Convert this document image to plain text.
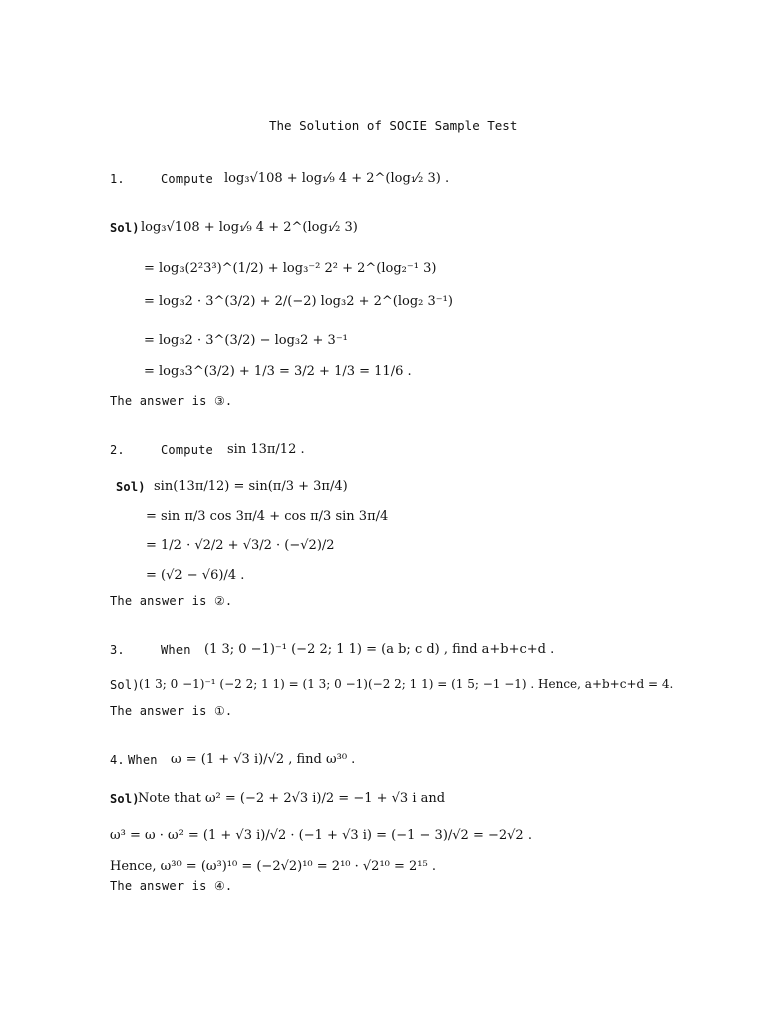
The Solution of SOCIE Sample Test
1.	Compute log₃√108 + log₁⁄₉ 4 + 2^(log₁⁄₂ 3) .
Sol) log₃√108 + log₁⁄₉ 4 + 2^(log₁⁄₂ 3)
= log₃(2²3³)^(1/2) + log₃⁻² 2² + 2^(log₂⁻¹ 3)
= log₃2 · 3^(3/2) + 2/(−2) log₃2 + 2^(log₂ 3⁻¹)
= log₃2 · 3^(3/2) − log₃2 + 3⁻¹
= log₃3^(3/2) + 1/3 = 3/2 + 1/3 = 11/6 .
The answer is ③.
2.	Compute sin 13π/12 .
Sol) sin(13π/12) = sin(π/3 + 3π/4)
= sin π/3 cos 3π/4 + cos π/3 sin 3π/4
= 1/2 · √2/2 + √3/2 · (−√2)/2
= (√2 − √6)/4 .
The answer is ②.
3.	When (1 3; 0 −1)⁻¹ (−2 2; 1 1) = (a b; c d) , find a+b+c+d .
Sol) (1 3; 0 −1)⁻¹ (−2 2; 1 1) = (1 3; 0 −1)(−2 2; 1 1) = (1 5; −1 −1) . Hence, a+b+c+d = 4.
The answer is ①.
4. When ω = (1 + √3 i)/√2 , find ω³⁰ .
Sol)
Note that ω² = (−2 + 2√3 i)/2 = −1 + √3 i and
ω³ = ω · ω² = (1 + √3 i)/√2 · (−1 + √3 i) = (−1 − 3)/√2 = −2√2 .
Hence, ω³⁰ = (ω³)¹⁰ = (−2√2)¹⁰ = 2¹⁰ · √2¹⁰ = 2¹⁵ .
The answer is ④.
